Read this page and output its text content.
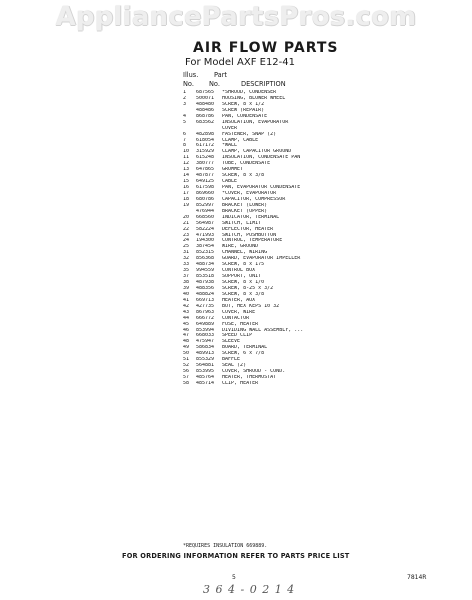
AppliancePartsPros.com
AIR FLOW PARTS
For Model AXF E12-41
Illus. Part
No. No.	DESCRIPTION
1	687565	*SHROUD, CONDENSER
2	500071	HOUSING, BLOWER WHEEL
3	488480	SCREW, 8 x 1/2
488486	SCREW (REPAIR)
4	868786	PAN, CONDENSATE
5	683562	INSULATION, EVAPORATOR
COVER
6	482898	FASTENER, SNAP (2)
7	618054	CLAMP, CABLE
8	617172	*WALL
10	315929	CLAMP, CAPACITOR GROUND
11	615248	INSULATION, CONDENSATE PAN
12	380777	TUBE, CONDENSATE
13	647865	GROMMET
14	487877	SCREW, 8 x 3/8
15	649125	CABLE
16	617598	PAN, EVAPORATOR CONDENSATE
17	869660	*COVER, EVAPORATOR
18	680786	CAPACITOR, COMPRESSOR
19	852997	BRACKET (LOWER)
476944	BRACKET (UPPER)
20	668560	INDICATOR, TERMINAL
21	564987	SWITCH, LIMIT
22	582224	DEFLECTOR, HEATER
23	471993	SWITCH, PUSHBUTTON
24	194300	CONTROL, TEMPERATURE
25	387454	WIRE, GROUND
31	852315	CHANNEL, WIRING
32	856368	GUARD, EVAPORATOR IMPELLER
33	488734	SCREW, 8 x 175
35	994559	CONTROL BOX
37	853518	SUPPORT, UNIT
38	487938	SCREW, 8 x 1/0
39	488356	SCREW, 8-25 x 3/2
40	488824	SCREW, 8 x 3/8
41	669713	HEATER, AUX
42	427735	BUT, HEX KEPS 10 32
43	867963	COVER, WIRE
44	666772	CONTACTOR
45	649889	FUSE, HEATER
46	853994	DIVIDING WALL ASSEMBLY, ...
47	668033	SPEED CLIP
48	475947	SLEEVE
49	586834	BOARD, TERMINAL
50	489913	SCREW, 6 x 7/8
51	855329	BAFFLE
52	564881	SEAL (2)
56	853995	COVER, SHROUD - COND.
57	485764	HEATER, THERMOSTAT
58	485714	CLIP, HEATER
*REQUIRES INSULATION 669889.
FOR ORDERING INFORMATION REFER TO PARTS PRICE LIST
5	7814R
3 6 4 - 0 2 1 4
